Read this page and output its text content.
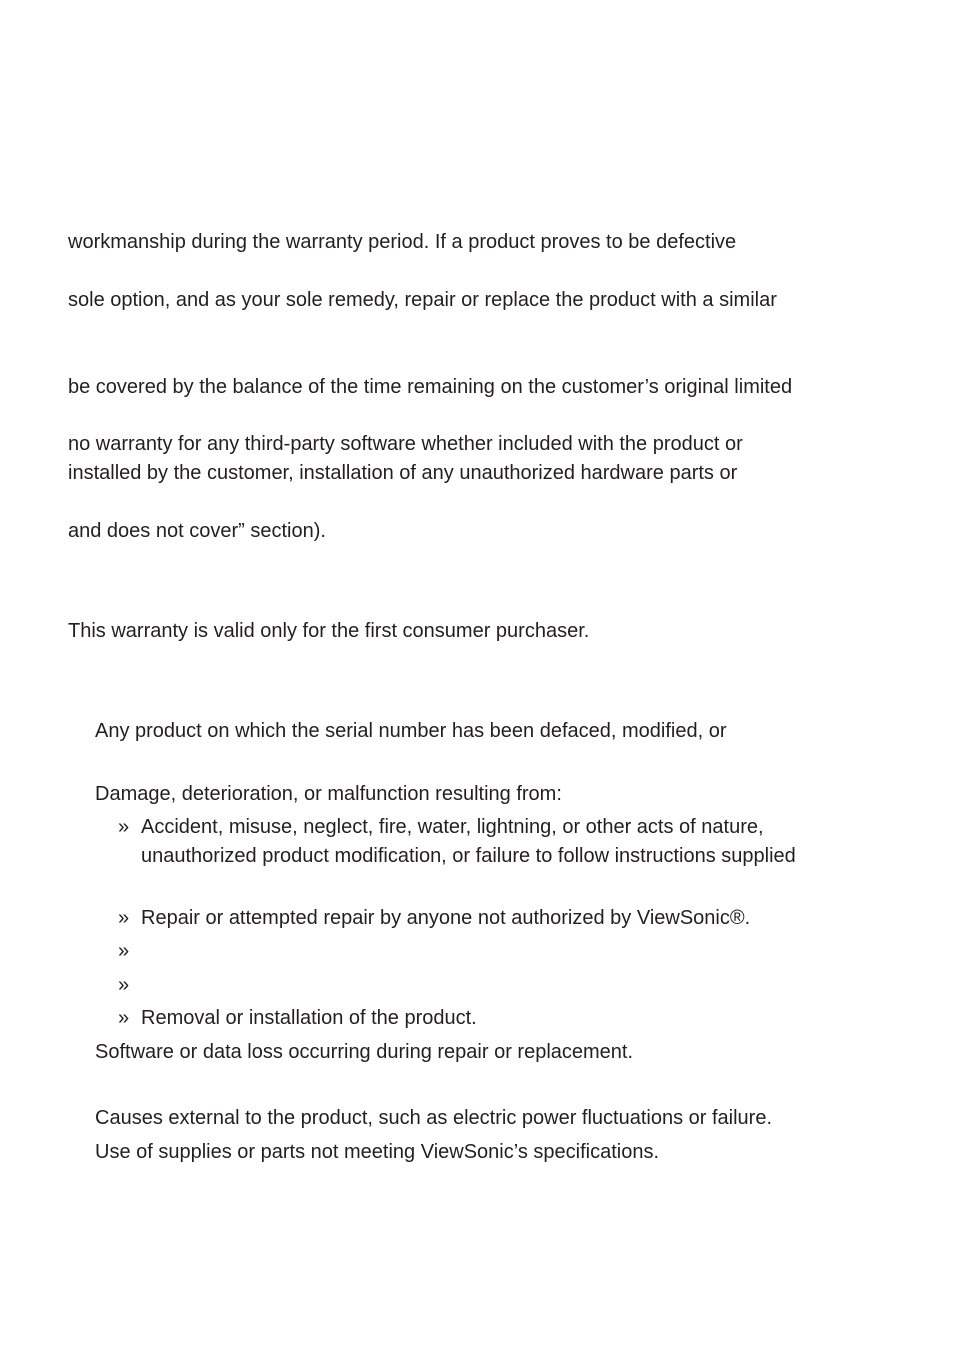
workmanship during the warranty period. If a product proves to be defective
sole option, and as your sole remedy, repair or replace the product with a similar
be covered by the balance of the time remaining on the customer’s original limited
no warranty for any third-party software whether included with the product or
installed by the customer, installation of any unauthorized hardware parts or
and does not cover” section).
This warranty is valid only for the first consumer purchaser.
Any product on which the serial number has been defaced, modified, or
Damage, deterioration, or malfunction resulting from:
» Accident, misuse, neglect, fire, water, lightning, or other acts of nature,
unauthorized product modification, or failure to follow instructions supplied
» Repair or attempted repair by anyone not authorized by ViewSonic®.
»
»
» Removal or installation of the product.
Software or data loss occurring during repair or replacement.
Causes external to the product, such as electric power fluctuations or failure.
Use of supplies or parts not meeting ViewSonic’s specifications.
